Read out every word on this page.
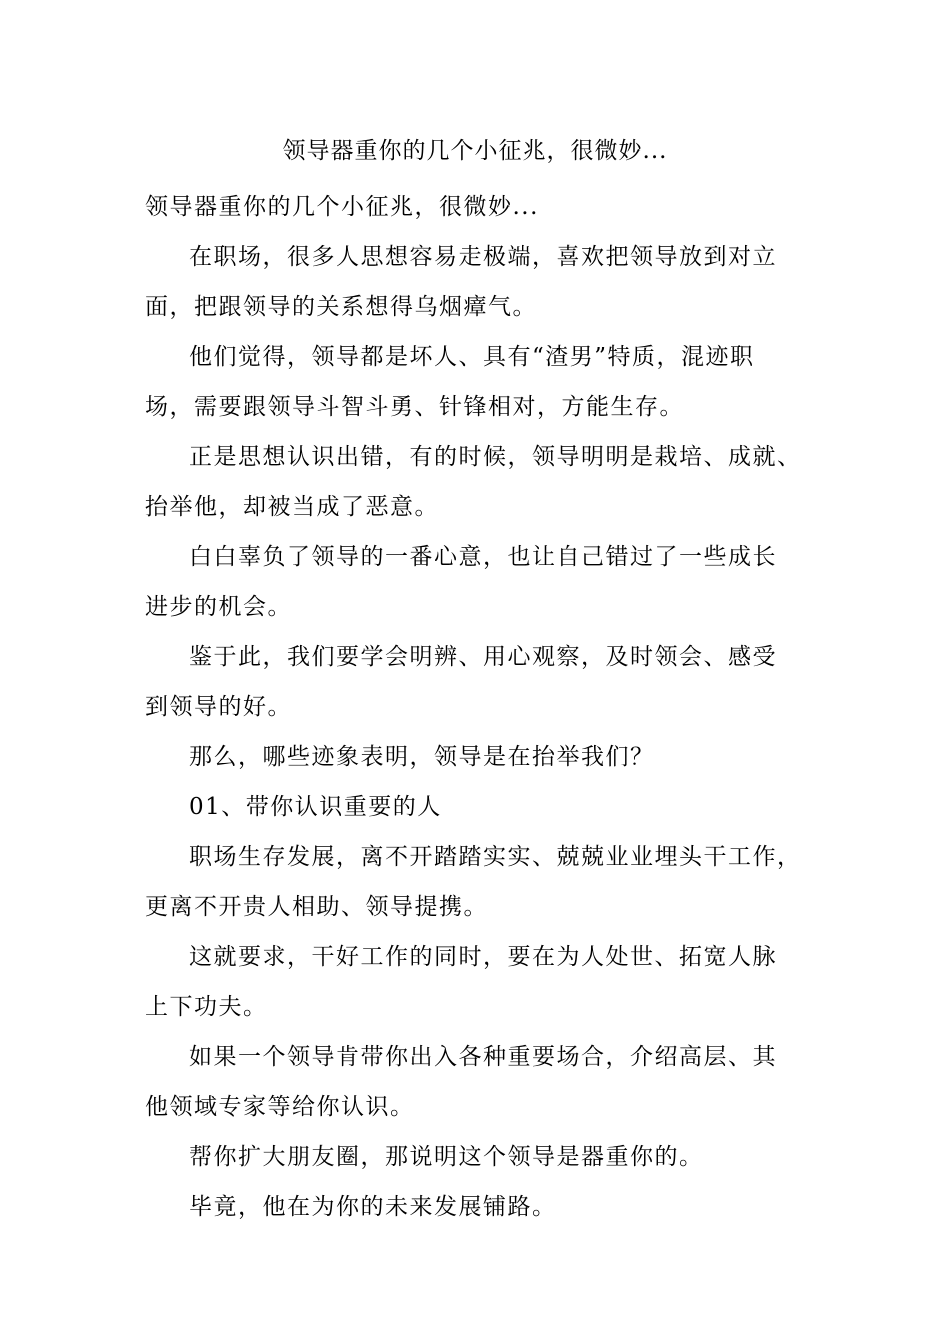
领导器重你的几个小征兆，很微妙...

领导器重你的几个小征兆，很微妙...

在职场，很多人思想容易走极端，喜欢把领导放到对立
面，把跟领导的关系想得乌烟瘴气。

他们觉得，领导都是坏人、具有“渣男”特质，混迹职
场，需要跟领导斗智斗勇、针锋相对，方能生存。

正是思想认识出错，有的时候，领导明明是栽培、成就、
抬举他，却被当成了恶意。

白白辜负了领导的一番心意，也让自己错过了一些成长
进步的机会。

鉴于此，我们要学会明辨、用心观察，及时领会、感受
到领导的好。

那么，哪些迹象表明，领导是在抬举我们？

01、带你认识重要的人

职场生存发展，离不开踏踏实实、兢兢业业埋头干工作，
更离不开贵人相助、领导提携。

这就要求，干好工作的同时，要在为人处世、拓宽人脉
上下功夫。

如果一个领导肯带你出入各种重要场合，介绍高层、其
他领域专家等给你认识。

帮你扩大朋友圈，那说明这个领导是器重你的。

毕竟，他在为你的未来发展铺路。
